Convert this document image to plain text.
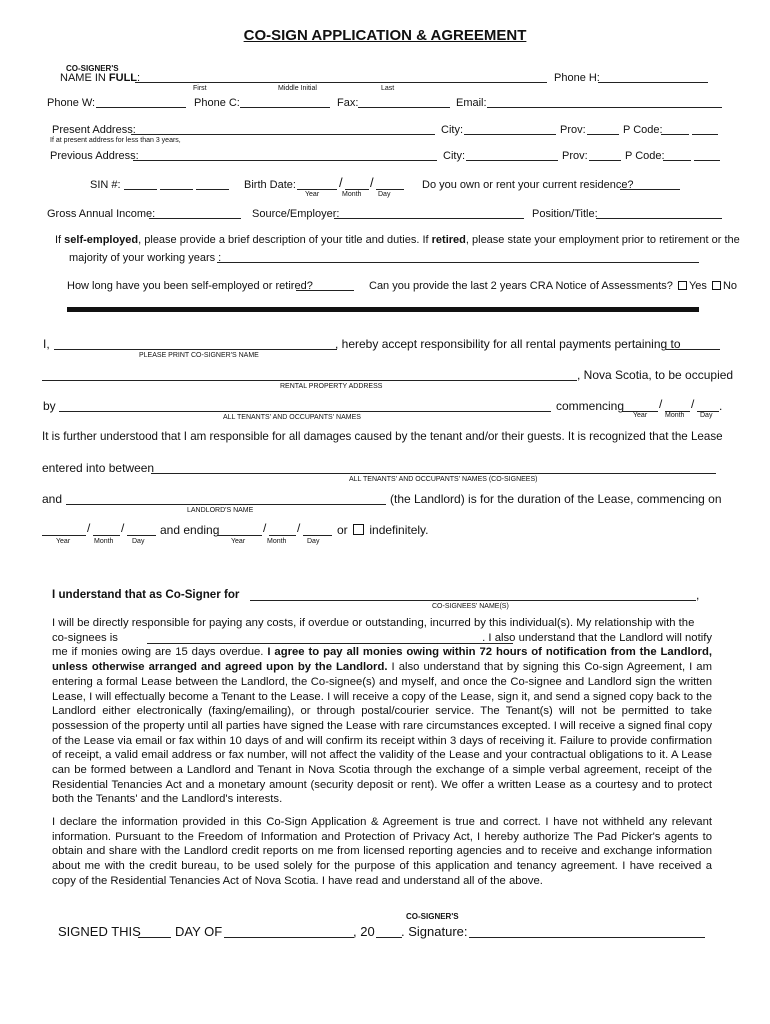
CO-SIGN APPLICATION & AGREEMENT
CO-SIGNER'S
NAME IN FULL:
First	Middle Initial	Last
Phone H:
Phone W:	Phone C:	Fax:	Email:
Present Address:	City:	Prov:	P Code:
If at present address for less than 3 years,
Previous Address:	City:	Prov:	P Code:
SIN #:	Birth Date:	/ /
Year	Month Day
Do you own or rent your current residence?
Gross Annual Income:	Source/Employer:	Position/Title:
If self-employed, please provide a brief description of your title and duties. If retired, please state your employment prior to retirement or the
majority of your working years :
How long have you been self-employed or retired?	Can you provide the last 2 years CRA Notice of Assessments? Yes No
I,	, hereby accept responsibility for all rental payments pertaining to
PLEASE PRINT CO-SIGNER'S NAME
, Nova Scotia, to be occupied
RENTAL PROPERTY ADDRESS
by	commencing	/ / .
Year	Month Day
ALL TENANTS' AND OCCUPANTS' NAMES
It is further understood that I am responsible for all damages caused by the tenant and/or their guests. It is recognized that the Lease
entered into between
ALL TENANTS' AND OCCUPANTS' NAMES (CO-SIGNEES)
and	(the Landlord) is for the duration of the Lease, commencing on
LANDLORD'S NAME
/	/	and ending	/	/	or indefinitely.
Year	Month	Day	Year	Month	Day
I understand that as Co-Signer for	,
CO-SIGNEES' NAME(S)
I will be directly responsible for paying any costs, if overdue or outstanding, incurred by this individual(s). My relationship with the
co-signees is	. I also understand that the Landlord will notify
me if monies owing are 15 days overdue. I agree to pay all monies owing within 72 hours of notification from the Landlord, unless otherwise arranged and agreed upon by the Landlord. I also understand that by signing this Co-sign Agreement, I am entering a formal Lease between the Landlord, the Co-signee(s) and myself, and once the Co-signee and Landlord sign the written Lease, I will effectually become a Tenant to the Lease. I will receive a copy of the Lease, sign it, and send a signed copy back to the Landlord either electronically (faxing/emailing), or through postal/courier service. The Tenant(s) will not be permitted to take possession of the property until all parties have signed the Lease with rare circumstances excepted. I will receive a signed final copy of the Lease via email or fax within 10 days of and will confirm its receipt within 3 days of receiving it. Failure to provide confirmation of receipt, a valid email address or fax number, will not affect the validity of the Lease and your contractual obligations to it. A Lease can be formed between a Landlord and Tenant in Nova Scotia through the exchange of a simple verbal agreement, receipt of the Residential Tenancies Act and a monetary amount (security deposit or rent). We offer a written Lease as a courtesy and to protect both the Tenants' and the Landlord's interests.
I declare the information provided in this Co-Sign Application & Agreement is true and correct. I have not withheld any relevant information. Pursuant to the Freedom of Information and Protection of Privacy Act, I hereby authorize The Pad Picker's agents to obtain and share with the Landlord credit reports on me from licensed reporting agencies and to receive and exchange information about me with the credit bureau, to be used solely for the purpose of this application and tenancy agreement. I have received a copy of the Residential Tenancies Act of Nova Scotia. I have read and understand all of the above.
CO-SIGNER'S
SIGNED THIS	DAY OF	, 20 . Signature:
